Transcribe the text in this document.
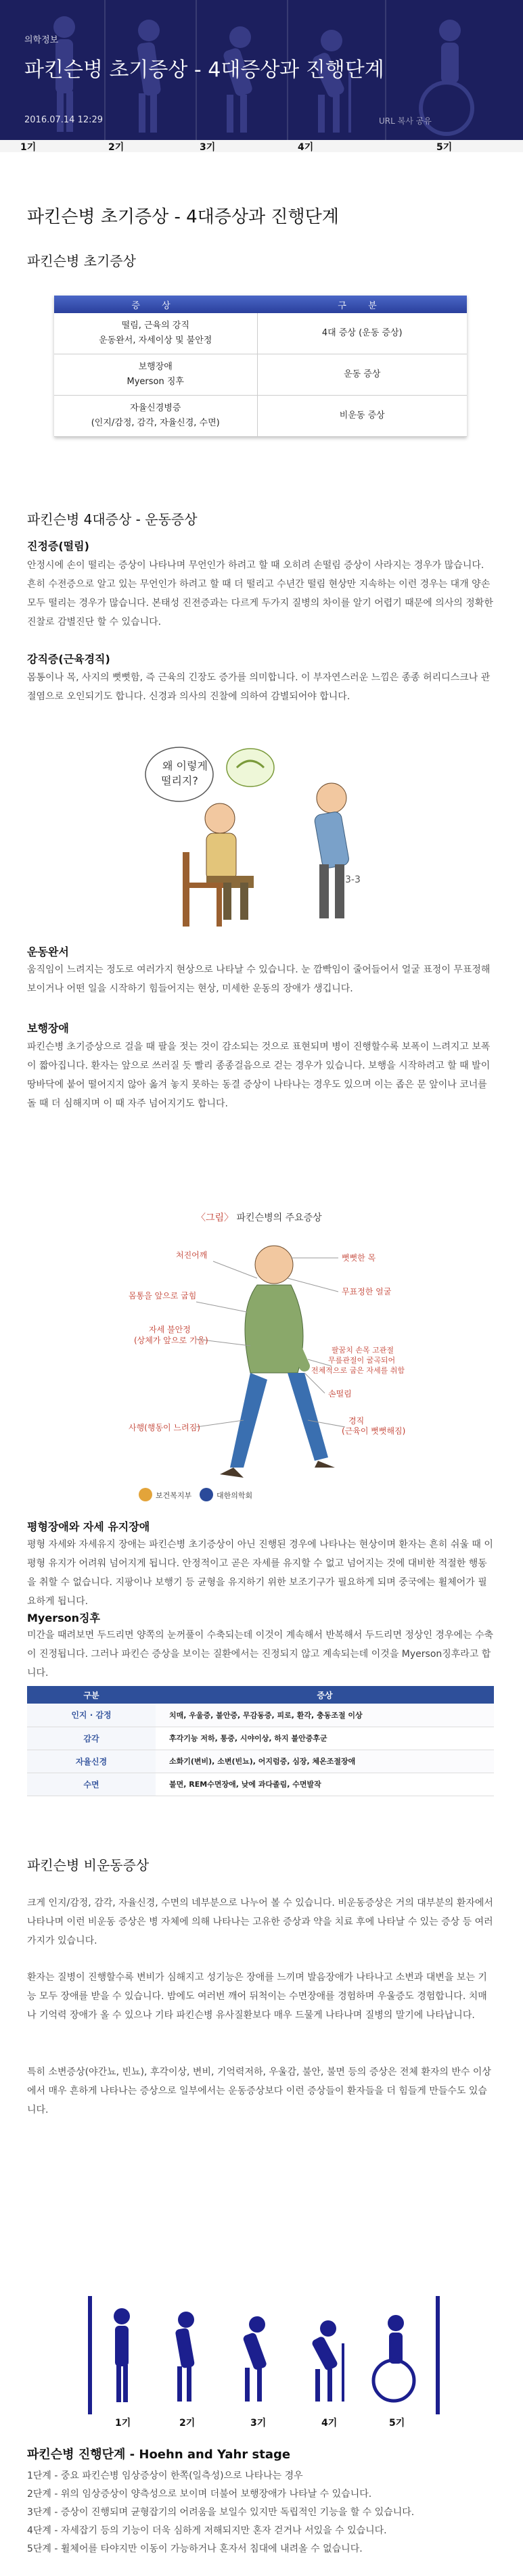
의학정보
파킨슨병 초기증상 - 4대증상과 진행단계
2016.07.14 12:29	URL 복사 공유
1기	2기	3기	4기	5기
파킨슨병 초기증상 - 4대증상과 진행단계
파킨슨병 초기증상
증 상	구 분

떨림, 근육의 강직
운동완서, 자세이상 및 불안정	4대 증상 (운동 증상)

보행장애
Myerson 징후	운동 증상

자율신경병증
(인지/감정, 감각, 자율신경, 수면)	비운동 증상
파킨슨병 4대증상 - 운동증상
진정증(떨림)

안정시에 손이 떨리는 증상이 나타나며 무언인가 하려고 할 때 오히려 손떨림 증상이 사라지는 경우가 많습니다. 흔히 수전증으로 알고 있는 무언인가 하려고 할 때 더 떨리고 수년간 떨림 현상만 지속하는 이런 경우는 대개 양손 모두 떨리는 경우가 많습니다. 본태성 진전증과는 다르게 두가지 질병의 차이를 알기 어렵기 때문에 의사의 정확한 진찰로 감별진단 할 수 있습니다.

강직증(근육경직)

몸통이나 목, 사지의 뻣뻣함, 즉 근육의 긴장도 증가를 의미합니다. 이 부자연스러운 느낌은 종종 허리디스크나 관절염으로 오인되기도 합니다. 신경과 의사의 진찰에 의하여 감별되어야 합니다.

왜 이렇게
떨리지?
3-3
운동완서

움직임이 느려지는 정도로 여러가지 현상으로 나타날 수 있습니다. 눈 깜빡임이 줄어들어서 얼굴 표정이 무표정해 보이거나 어떤 일을 시작하기 힘들어지는 현상, 미세한 운동의 장애가 생깁니다.

보행장애

파킨슨병 초기증상으로 걸을 때 팔을 젓는 것이 감소되는 것으로 표현되며 병이 진행할수록 보폭이 느려지고 보폭이 짧아집니다. 환자는 앞으로 쓰러질 듯 빨리 종종걸음으로 걷는 경우가 있습니다. 보행을 시작하려고 할 때 발이 땅바닥에 붙어 떨어지지 않아 옮겨 놓지 못하는 동결 증상이 나타나는 경우도 있으며 이는 좁은 문 앞이나 코너를 돌 때 더 심해지며 이 때 자주 넘어지기도 합니다.

〈그림〉 파킨슨병의 주요증상
뻣뻣한 목
무표정한 얼굴
처진어깨
몸통을 앞으로 굽힘
자세 불안정
(상체가 앞으로 기울)
팔꿈치 손목 고관절
무릎관절이 굴곡되어
전체적으로 굽은 자세를 취함
손떨림
사행(행동이 느려짐)
경직
(근육이 뻣뻣해짐)
보건복지부	대한의학회
평형장애와 자세 유지장애

평형 자세와 자세유지 장애는 파킨슨병 초기증상이 아닌 진행된 경우에 나타나는 현상이며 환자는 흔히 쉬울 때 이 평형 유지가 어려워 넘어지게 됩니다. 안정적이고 곧은 자세를 유지할 수 없고 넘어지는 것에 대비한 적절한 행동을 취할 수 없습니다. 지팡이나 보행기 등 균형을 유지하기 위한 보조기구가 필요하게 되며 중국에는 휠체어가 필요하게 됩니다.

Myerson징후

미간을 때려보면 두드리면 양쪽의 눈꺼풀이 수축되는데 이것이 계속해서 반복해서 두드리면 정상인 경우에는 수축이 진정됩니다. 그러나 파킨슨 증상을 보이는 질환에서는 진정되지 않고 계속되는데 이것을 Myerson징후라고 합니다.

구분	증상
인지 · 감정	치매, 우울증, 불안증, 무감동증, 피로, 환각, 충동조절 이상
감각	후각기능 저하, 통증, 시야이상, 하지 불안증후군
자율신경	소화기(변비), 소변(빈뇨), 어지럼증, 심장, 체온조절장애
수면	불면, REM수면장애, 낮에 과다졸림, 수면발작
파킨슨병 비운동증상

크게 인지/감정, 감각, 자율신경, 수면의 네부분으로 나누어 볼 수 있습니다. 비운동증상은 거의 대부분의 환자에서 나타나며 이런 비운동 증상은 병 자체에 의해 나타나는 고유한 증상과 약을 치료 후에 나타날 수 있는 증상 등 여러가지가 있습니다.

환자는 질병이 진행할수록 변비가 심해지고 성기능은 장애를 느끼며 발음장애가 나타나고 소변과 대변을 보는 기능 모두 장애를 받을 수 있습니다. 밤에도 여러번 깨어 뒤척이는 수면장애를 경험하며 우울증도 경험합니다. 치매나 기억력 장애가 올 수 있으나 기타 파킨슨병 유사질환보다 매우 드물게 나타나며 질병의 말기에 나타납니다.

특히 소변증상(야간뇨, 빈뇨), 후각이상, 변비, 기억력저하, 우울감, 불안, 불면 등의 증상은 전체 환자의 반수 이상에서 매우 흔하게 나타나는 증상으로 일부에서는 운동증상보다 이런 증상들이 환자들을 더 힘들게 만들수도 있습니다.

1기	2기	3기	4기	5기
파킨슨병 진행단계 - Hoehn and Yahr stage
1단계 - 중요 파킨슨병 임상증상이 한쪽(일측성)으로 나타나는 경우
2단계 - 위의 임상증상이 양측성으로 보이며 더불어 보행장애가 나타날 수 있습니다.
3단계 - 증상이 진행되며 균형잡기의 어려움을 보일수 있지만 독립적인 기능을 할 수 있습니다.
4단계 - 자세잡기 등의 기능이 더욱 심하게 저해되지만 혼자 걷거나 서있을 수 있습니다.
5단계 - 휠체어를 타야지만 이동이 가능하거나 혼자서 침대에 내려올 수 없습니다.
